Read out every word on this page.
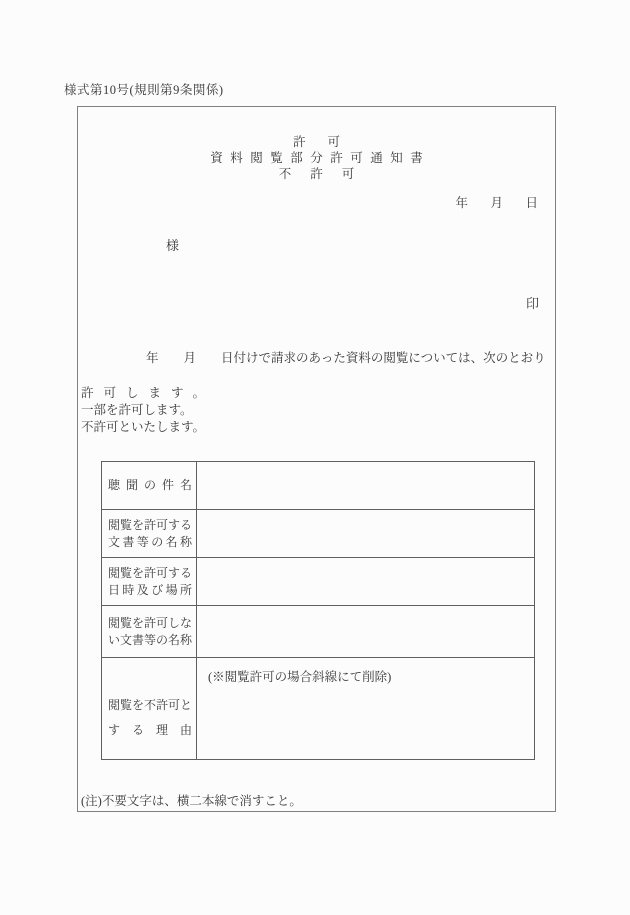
様式第10号(規則第9条関係)
許可
資料閲覧部分許可通知書
不許可
年　月　日
様
印
年　　月　　日付けで請求のあった資料の閲覧については、次のとおり
許可します。
一部を許可します。
不許可といたします。
聴聞の件名
閲覧を許可する
文書等の名称
閲覧を許可する
日時及び場所
閲覧を許可しな
い文書等の名称
閲覧を不許可と
する理由
(※閲覧許可の場合斜線にて削除)
(注)不要文字は、横二本線で消すこと。
